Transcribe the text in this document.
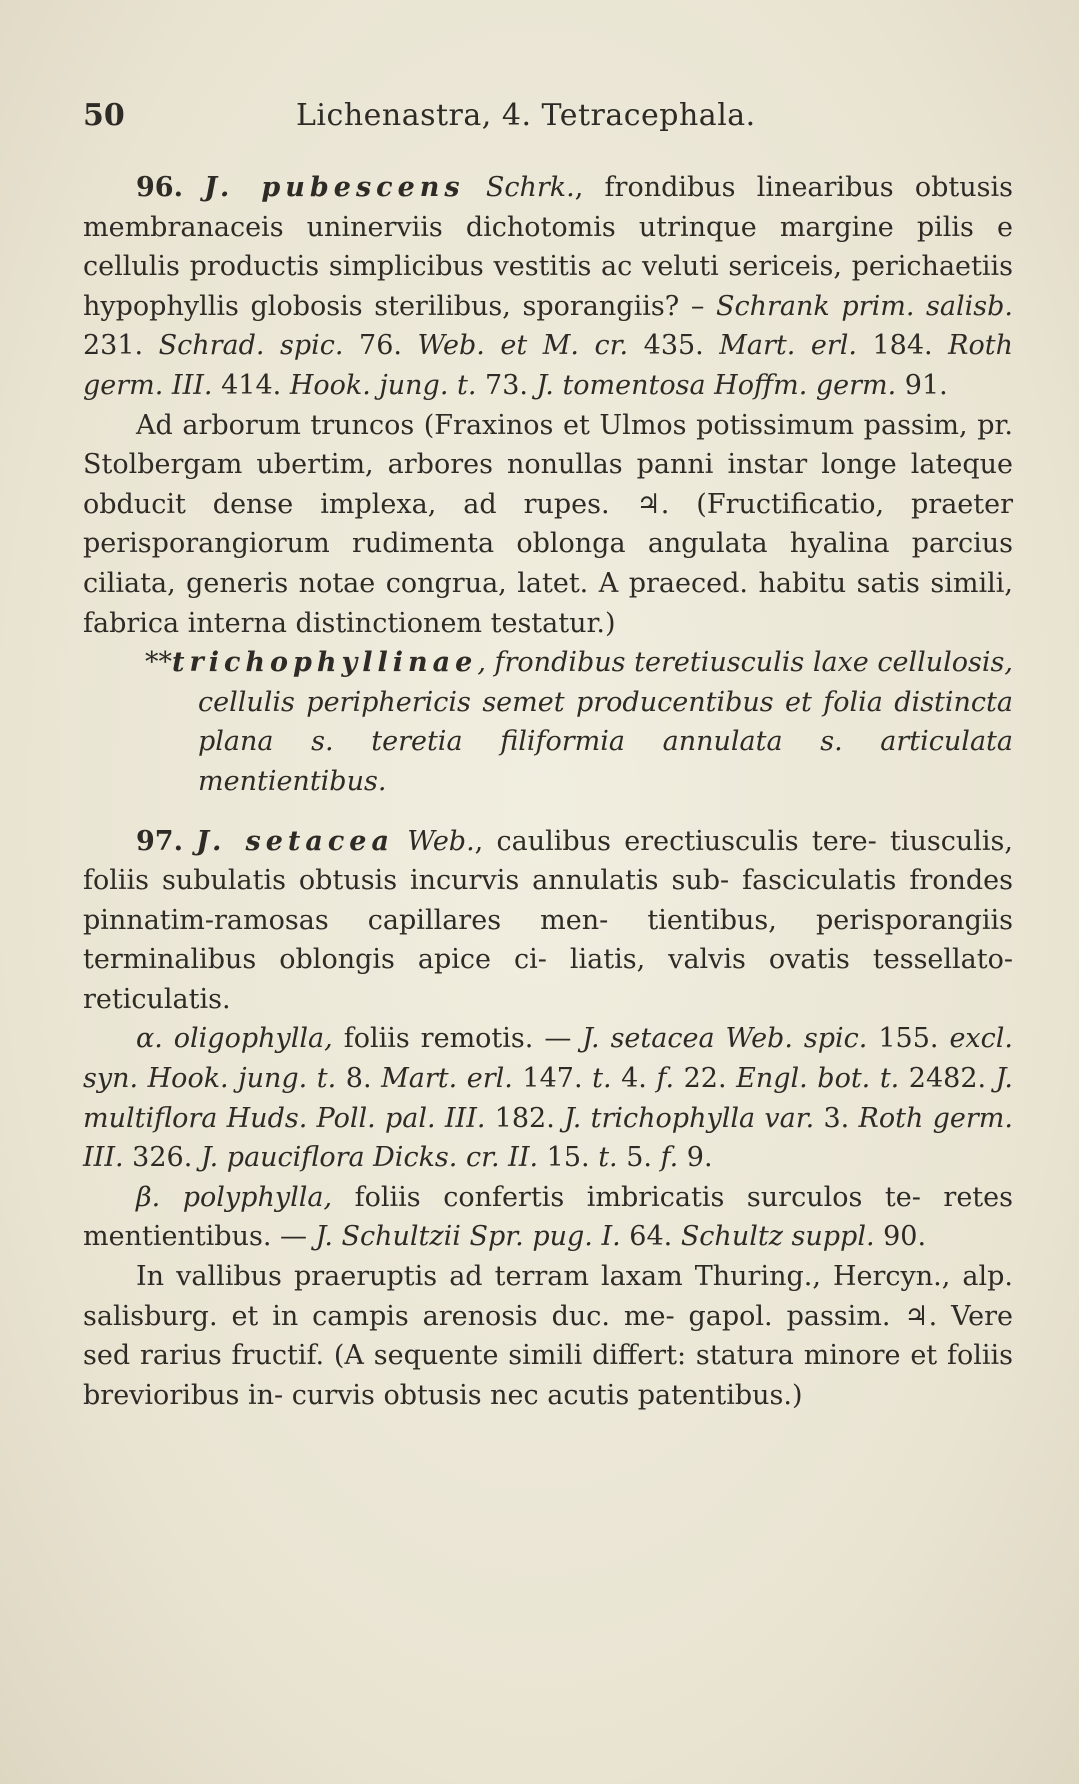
50	Lichenastra, 4. Tetracephala.

96. J. pubescens Schrk., frondibus linearibus obtusis membranaceis uninerviis dichotomis utrinque margine pilis e cellulis productis simplicibus vestitis ac veluti sericeis, perichaetiis hypophyllis globosis sterilibus, sporangiis? – Schrank prim. salisb. 231. Schrad. spic. 76. Web. et M. cr. 435. Mart. erl. 184. Roth germ. III. 414. Hook. jung. t. 73. J. tomentosa Hoffm. germ. 91.

Ad arborum truncos (Fraxinos et Ulmos potissimum passim, pr. Stolbergam ubertim, arbores nonullas panni instar longe lateque obducit dense implexa, ad rupes. ♃. (Fructificatio, praeter perisporangiorum rudimenta oblonga angulata hyalina parcius ciliata, generis notae congrua, latet. A praeced. habitu satis simili, fabrica interna distinctionem testatur.)

**trichophyllinae, frondibus teretiusculis laxe cellulosis, cellulis periphericis semet producentibus et folia distincta plana s. teretia filiformia annulata s. articulata mentientibus.

97. J. setacea Web., caulibus erectiusculis tere- tiusculis, foliis subulatis obtusis incurvis annulatis sub- fasciculatis frondes pinnatim-ramosas capillares men- tientibus, perisporangiis terminalibus oblongis apice ci- liatis, valvis ovatis tessellato-reticulatis.

α. oligophylla, foliis remotis. — J. setacea Web. spic. 155. excl. syn. Hook. jung. t. 8. Mart. erl. 147. t. 4. f. 22. Engl. bot. t. 2482. J. multiflora Huds. Poll. pal. III. 182. J. trichophylla var. 3. Roth germ. III. 326. J. pauciflora Dicks. cr. II. 15. t. 5. f. 9.

β. polyphylla, foliis confertis imbricatis surculos te- retes mentientibus. — J. Schultzii Spr. pug. I. 64. Schultz suppl. 90.

In vallibus praeruptis ad terram laxam Thuring., Hercyn., alp. salisburg. et in campis arenosis duc. me- gapol. passim. ♃. Vere sed rarius fructif. (A sequente simili differt: statura minore et foliis brevioribus in- curvis obtusis nec acutis patentibus.)
